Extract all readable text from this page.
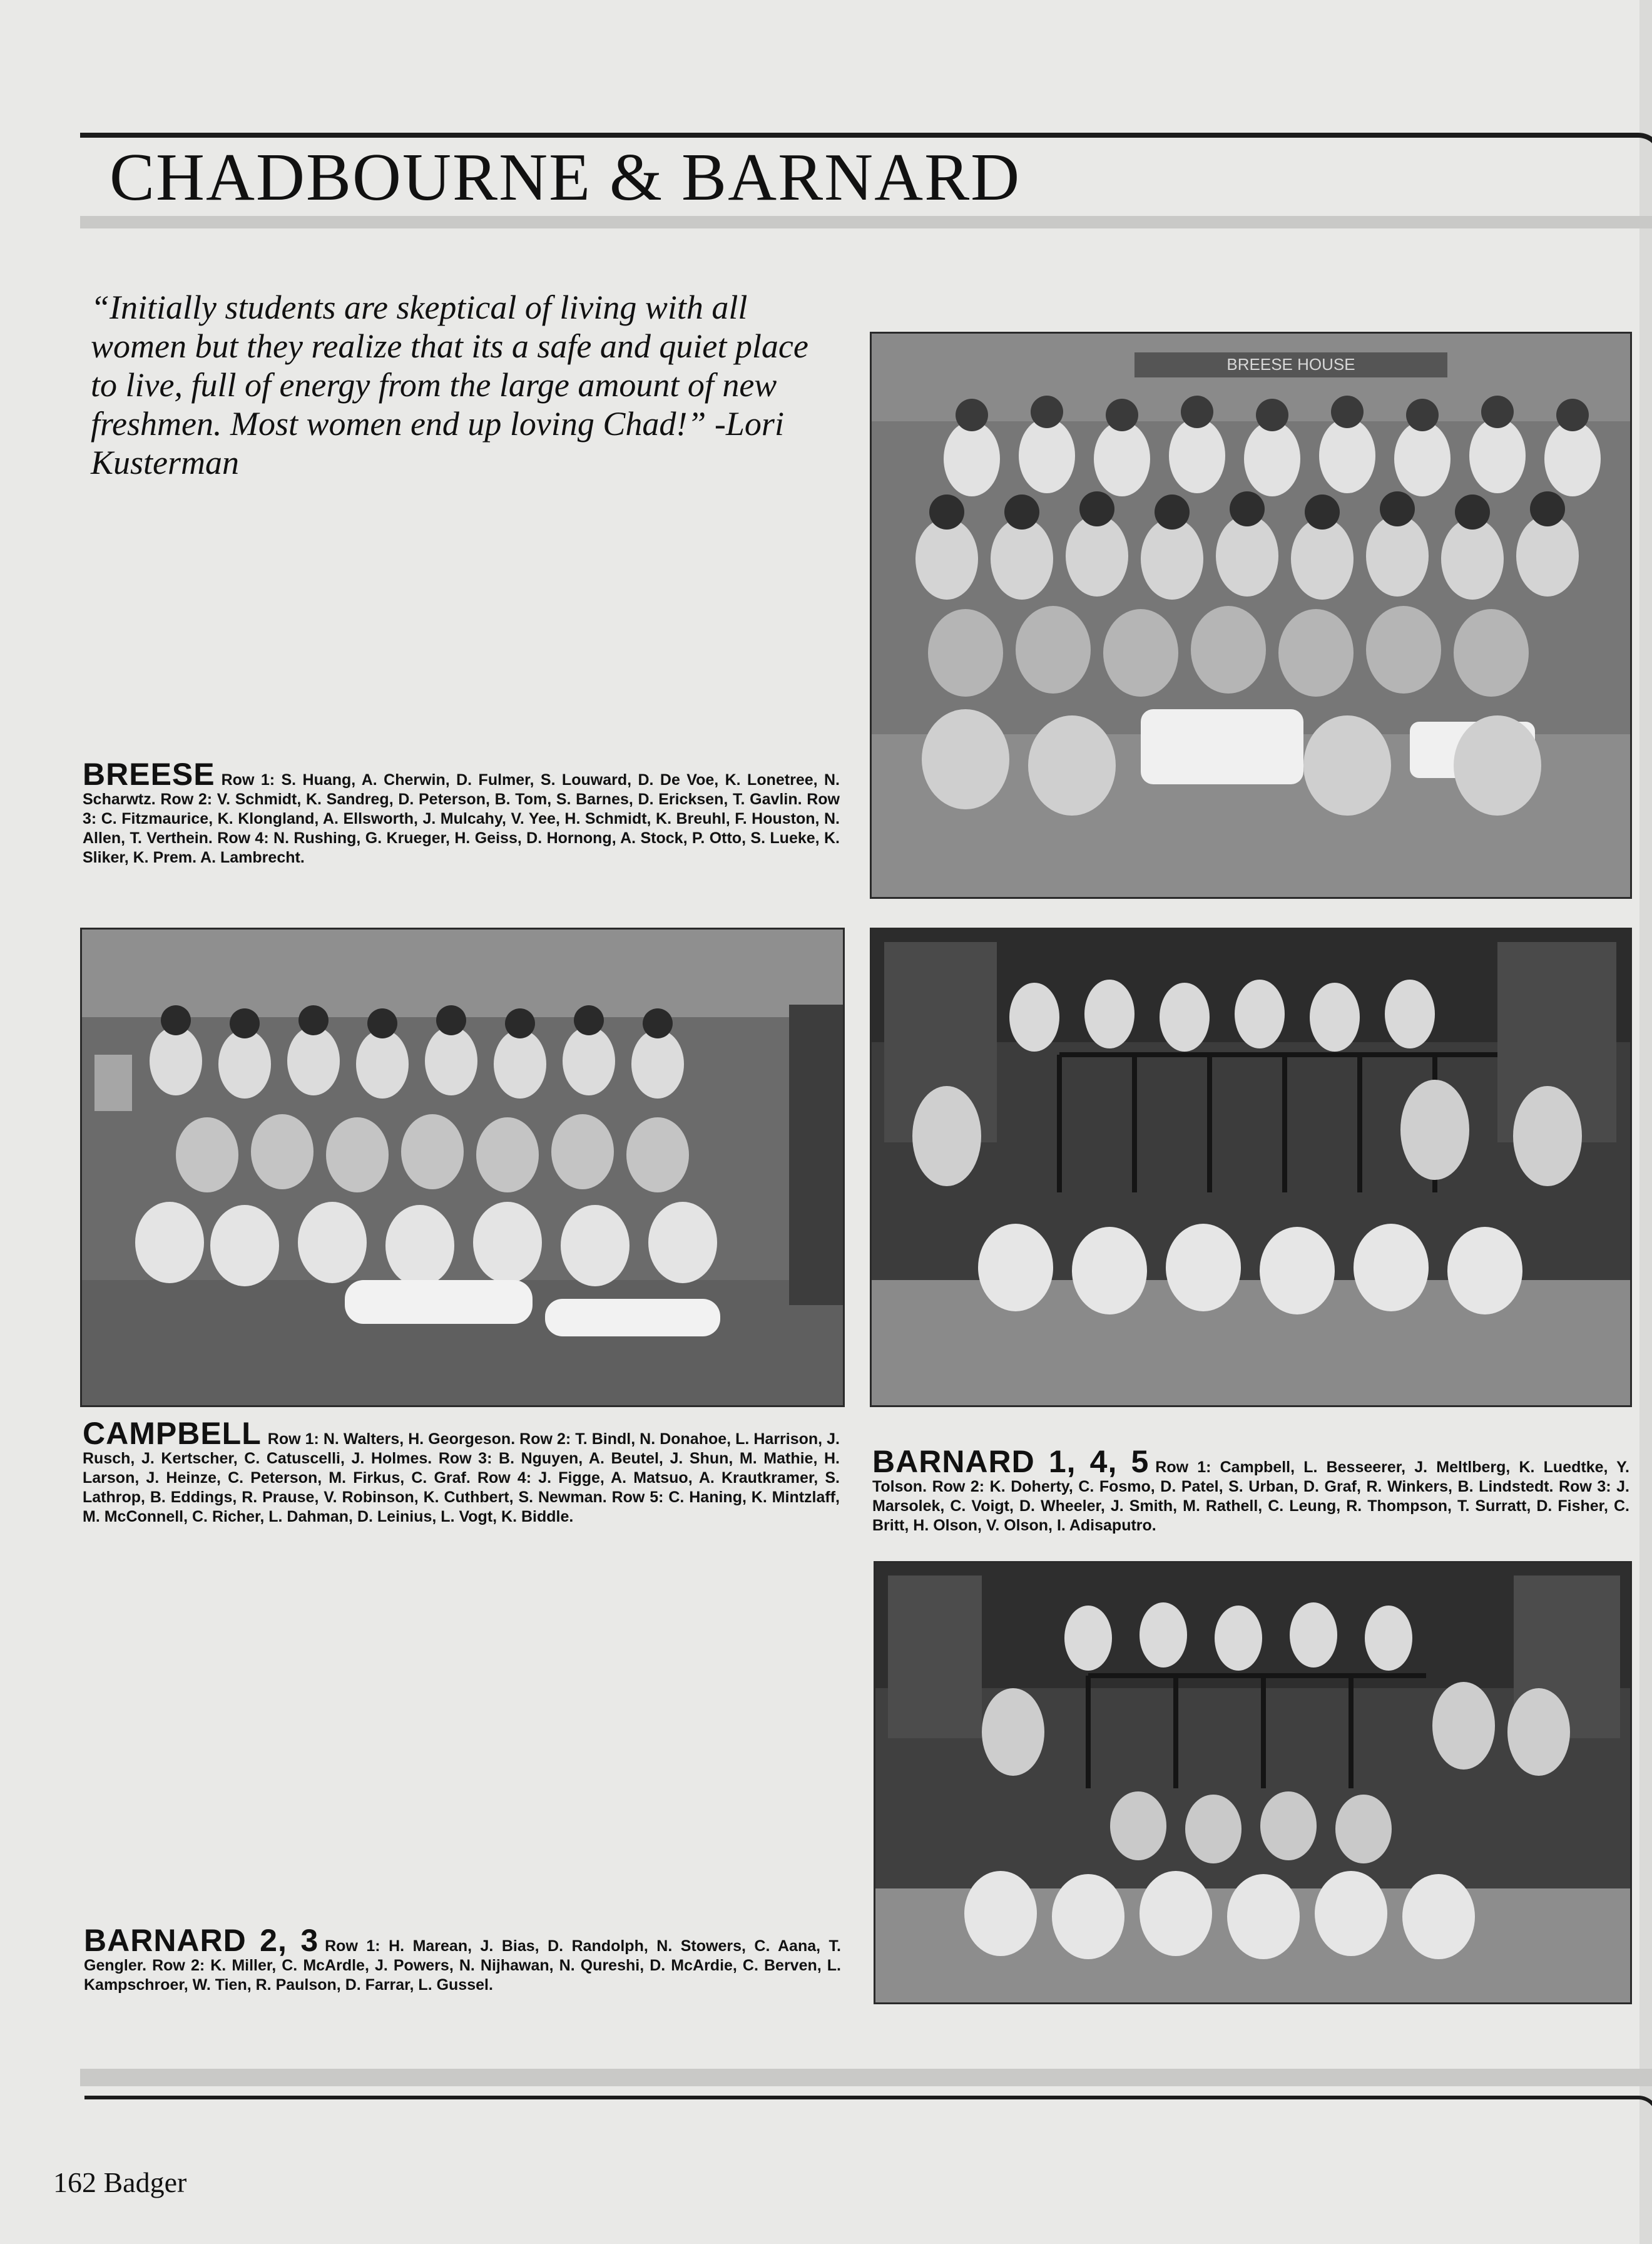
CHADBOURNE & BARNARD
“Initially students are skeptical of living with all women but they realize that its a safe and quiet place to live, full of energy from the large amount of new freshmen. Most women end up loving Chad!” -Lori Kusterman
BREESE HOUSE
BREESE Row 1: S. Huang, A. Cherwin, D. Fulmer, S. Louward, D. De Voe, K. Lonetree, N. Scharwtz. Row 2: V. Schmidt, K. Sandreg, D. Peterson, B. Tom, S. Barnes, D. Ericksen, T. Gavlin. Row 3: C. Fitzmaurice, K. Klongland, A. Ellsworth, J. Mulcahy, V. Yee, H. Schmidt, K. Breuhl, F. Houston, N. Allen, T. Verthein. Row 4: N. Rushing, G. Krueger, H. Geiss, D. Hornong, A. Stock, P. Otto, S. Lueke, K. Sliker, K. Prem. A. Lambrecht.
CAMPBELL Row 1: N. Walters, H. Georgeson. Row 2: T. Bindl, N. Donahoe, L. Harrison, J. Rusch, J. Kertscher, C. Catuscelli, J. Holmes. Row 3: B. Nguyen, A. Beutel, J. Shun, M. Mathie, H. Larson, J. Heinze, C. Peterson, M. Firkus, C. Graf. Row 4: J. Figge, A. Matsuo, A. Krautkramer, S. Lathrop, B. Eddings, R. Prause, V. Robinson, K. Cuthbert, S. Newman. Row 5: C. Haning, K. Mintzlaff, M. McConnell, C. Richer, L. Dahman, D. Leinius, L. Vogt, K. Biddle.
BARNARD 1, 4, 5 Row 1: Campbell, L. Besseerer, J. Meltlberg, K. Luedtke, Y. Tolson. Row 2: K. Doherty, C. Fosmo, D. Patel, S. Urban, D. Graf, R. Winkers, B. Lindstedt. Row 3: J. Marsolek, C. Voigt, D. Wheeler, J. Smith, M. Rathell, C. Leung, R. Thompson, T. Surratt, D. Fisher, C. Britt, H. Olson, V. Olson, I. Adisaputro.
BARNARD 2, 3 Row 1: H. Marean, J. Bias, D. Randolph, N. Stowers, C. Aana, T. Gengler. Row 2: K. Miller, C. McArdle, J. Powers, N. Nijhawan, N. Qureshi, D. McArdie, C. Berven, L. Kampschroer, W. Tien, R. Paulson, D. Farrar, L. Gussel.
162 Badger
